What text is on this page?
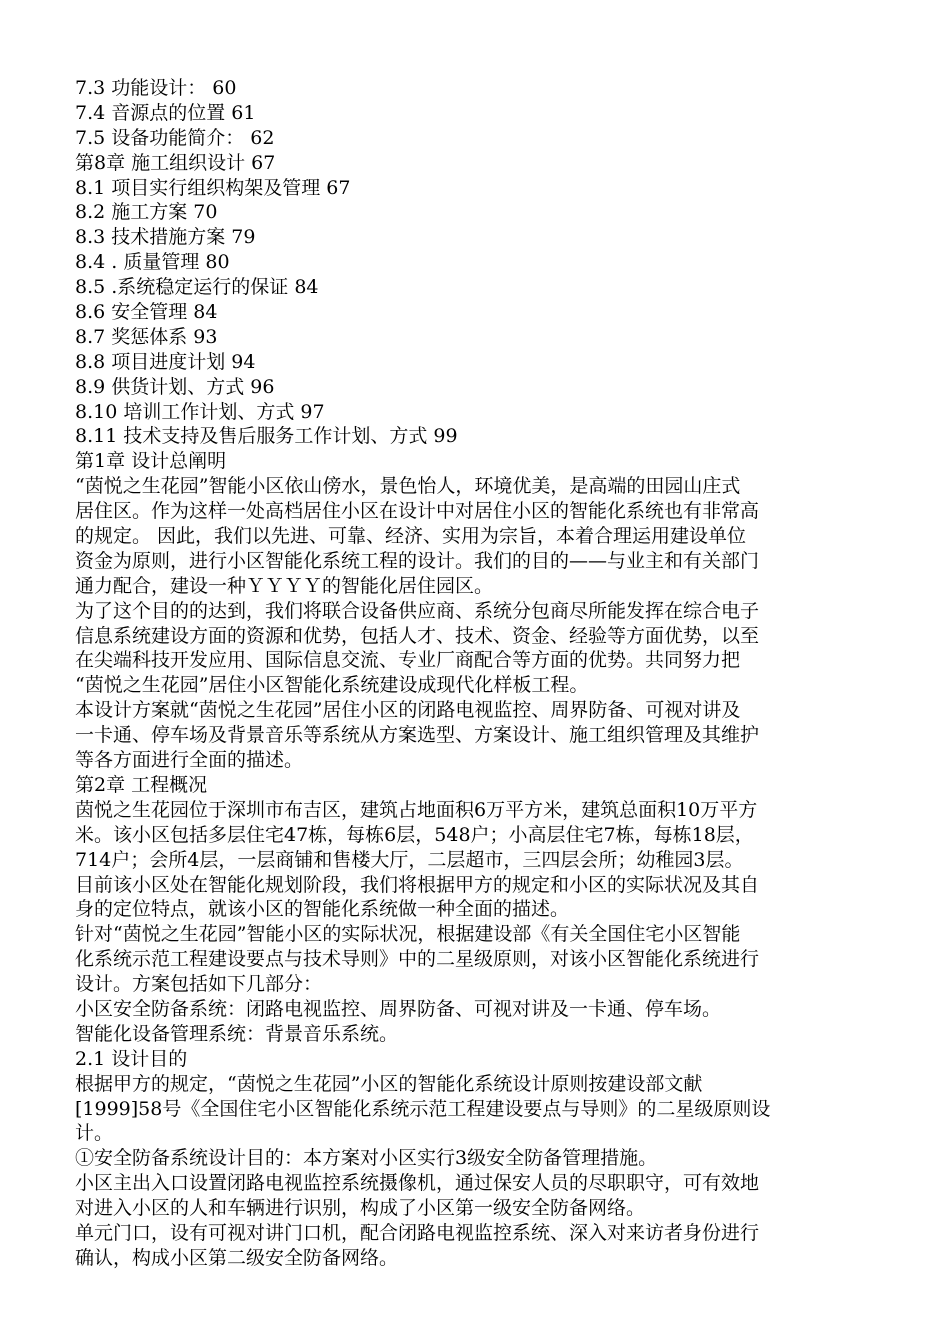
7.3 功能设计： 60
7.4 音源点的位置 61
7.5 设备功能简介： 62
第8章 施工组织设计 67
8.1 项目实行组织构架及管理 67
8.2 施工方案 70
8.3 技术措施方案 79
8.4 . 质量管理 80
8.5 .系统稳定运行的保证 84
8.6 安全管理 84
8.7 奖惩体系 93
8.8 项目进度计划 94
8.9 供货计划、方式 96
8.10 培训工作计划、方式 97
8.11 技术支持及售后服务工作计划、方式 99
第1章 设计总阐明
“茵悦之生花园”智能小区依山傍水，景色怡人，环境优美，是高端的田园山庄式
居住区。作为这样一处高档居住小区在设计中对居住小区的智能化系统也有非常高
的规定。 因此，我们以先进、可靠、经济、实用为宗旨，本着合理运用建设单位
资金为原则，进行小区智能化系统工程的设计。我们的目的——与业主和有关部门
通力配合，建设一种ＹＹＹＹ的智能化居住园区。
为了这个目的的达到，我们将联合设备供应商、系统分包商尽所能发挥在综合电子
信息系统建设方面的资源和优势，包括人才、技术、资金、经验等方面优势，以至
在尖端科技开发应用、国际信息交流、专业厂商配合等方面的优势。共同努力把
“茵悦之生花园”居住小区智能化系统建设成现代化样板工程。
本设计方案就“茵悦之生花园”居住小区的闭路电视监控、周界防备、可视对讲及
一卡通、停车场及背景音乐等系统从方案选型、方案设计、施工组织管理及其维护
等各方面进行全面的描述。
第2章 工程概况
茵悦之生花园位于深圳市布吉区，建筑占地面积6万平方米，建筑总面积10万平方
米。该小区包括多层住宅47栋，每栋6层，548户；小高层住宅7栋，每栋18层，
714户；会所4层，一层商铺和售楼大厅，二层超市，三四层会所；幼稚园3层。
目前该小区处在智能化规划阶段，我们将根据甲方的规定和小区的实际状况及其自
身的定位特点，就该小区的智能化系统做一种全面的描述。
针对“茵悦之生花园”智能小区的实际状况，根据建设部《有关全国住宅小区智能
化系统示范工程建设要点与技术导则》中的二星级原则，对该小区智能化系统进行
设计。方案包括如下几部分：
小区安全防备系统：闭路电视监控、周界防备、可视对讲及一卡通、停车场。
智能化设备管理系统：背景音乐系统。
2.1 设计目的
根据甲方的规定，“茵悦之生花园”小区的智能化系统设计原则按建设部文献
[1999]58号《全国住宅小区智能化系统示范工程建设要点与导则》的二星级原则设
计。
①安全防备系统设计目的：本方案对小区实行3级安全防备管理措施。
小区主出入口设置闭路电视监控系统摄像机，通过保安人员的尽职职守，可有效地
对进入小区的人和车辆进行识别，构成了小区第一级安全防备网络。
单元门口，设有可视对讲门口机，配合闭路电视监控系统、深入对来访者身份进行
确认，构成小区第二级安全防备网络。
